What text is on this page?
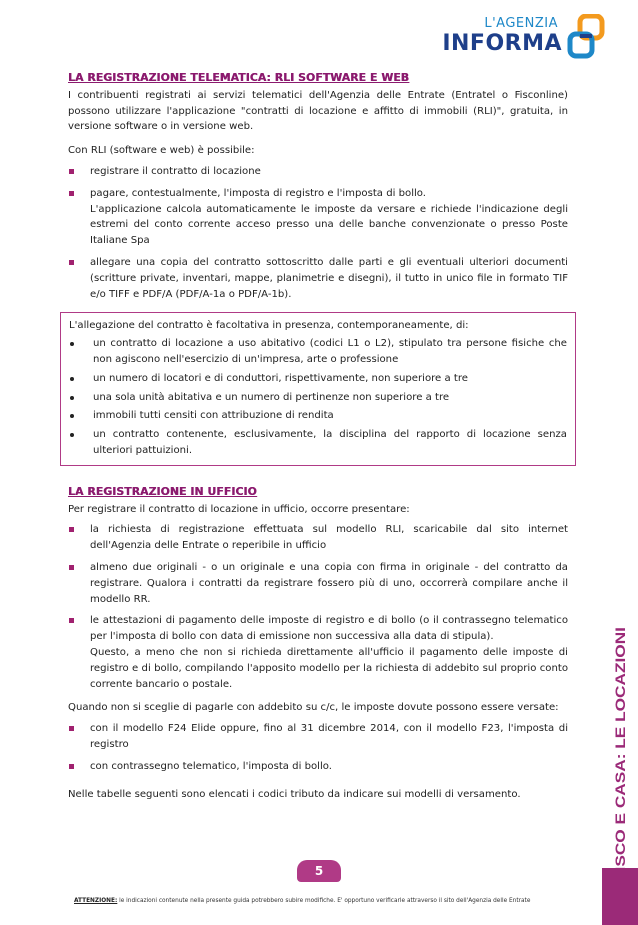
L'AGENZIA
INFORMA
LA REGISTRAZIONE TELEMATICA: RLI SOFTWARE E WEB

I contribuenti registrati ai servizi telematici dell'Agenzia delle Entrate (Entratel o Fisconline) possono utilizzare l'applicazione "contratti di locazione e affitto di immobili (RLI)", gratuita, in versione software o in versione web.

Con RLI (software e web) è possibile:

registrare il contratto di locazione
pagare, contestualmente, l'imposta di registro e l'imposta di bollo.
L'applicazione calcola automaticamente le imposte da versare e richiede l'indicazione degli estremi del conto corrente acceso presso una delle banche convenzionate o presso Poste Italiane Spa
allegare una copia del contratto sottoscritto dalle parti e gli eventuali ulteriori documenti (scritture private, inventari, mappe, planimetrie e disegni), il tutto in unico file in formato TIF e/o TIFF e PDF/A (PDF/A-1a o PDF/A-1b).

L'allegazione del contratto è facoltativa in presenza, contemporaneamente, di:

un contratto di locazione a uso abitativo (codici L1 o L2), stipulato tra persone fisiche che non agiscono nell'esercizio di un'impresa, arte o professione
un numero di locatori e di conduttori, rispettivamente, non superiore a tre
una sola unità abitativa e un numero di pertinenze non superiore a tre
immobili tutti censiti con attribuzione di rendita
un contratto contenente, esclusivamente, la disciplina del rapporto di locazione senza ulteriori pattuizioni.
LA REGISTRAZIONE IN UFFICIO

Per registrare il contratto di locazione in ufficio, occorre presentare:

la richiesta di registrazione effettuata sul modello RLI, scaricabile dal sito internet dell'Agenzia delle Entrate o reperibile in ufficio
almeno due originali - o un originale e una copia con firma in originale - del contratto da registrare. Qualora i contratti da registrare fossero più di uno, occorrerà compilare anche il modello RR.
le attestazioni di pagamento delle imposte di registro e di bollo (o il contrassegno telematico per l'imposta di bollo con data di emissione non successiva alla data di stipula).
Questo, a meno che non si richieda direttamente all'ufficio il pagamento delle imposte di registro e di bollo, compilando l'apposito modello per la richiesta di addebito sul proprio conto corrente bancario o postale.

Quando non si sceglie di pagarle con addebito su c/c, le imposte dovute possono essere versate:

con il modello F24 Elide oppure, fino al 31 dicembre 2014, con il modello F23, l'imposta di registro
con contrassegno telematico, l'imposta di bollo.

Nelle tabelle seguenti sono elencati i codici tributo da indicare sui modelli di versamento.	FISCO E CASA: LE LOCAZIONI
5
ATTENZIONE: le indicazioni contenute nella presente guida potrebbero subire modifiche. E' opportuno verificarle attraverso il sito dell'Agenzia delle Entrate
